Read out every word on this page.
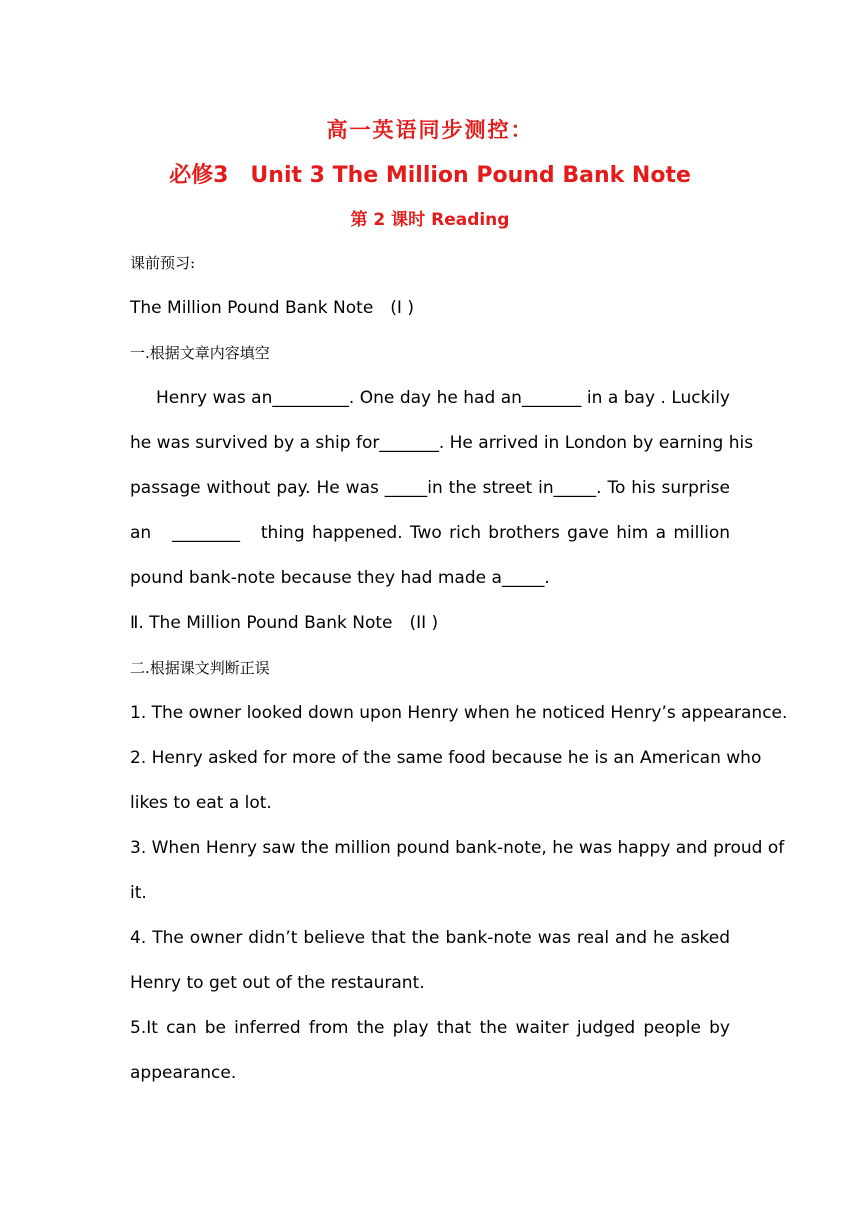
高一英语同步测控：
必修3　Unit 3 The Million Pound Bank Note
第 2 课时 Reading
课前预习:
The Million Pound Bank Note　(I )
一.根据文章内容填空
Henry was an_________. One day he had an_______ in a bay . Luckily
he was survived by a ship for_______. He arrived in London by earning his
passage without pay. He was _____in the street in_____. To his surprise
an　________　thing happened. Two rich brothers gave him a million
pound bank-note because they had made a_____.
Ⅱ. The Million Pound Bank Note　(II )
二.根据课文判断正误
1. The owner looked down upon Henry when he noticed Henry’s appearance.
2. Henry asked for more of the same food because he is an American who
likes to eat a lot.
3. When Henry saw the million pound bank-note, he was happy and proud of
it.
4. The owner didn’t believe that the bank-note was real and he asked
Henry to get out of the restaurant.
5.It can be inferred from the play that the waiter judged people by
appearance.
